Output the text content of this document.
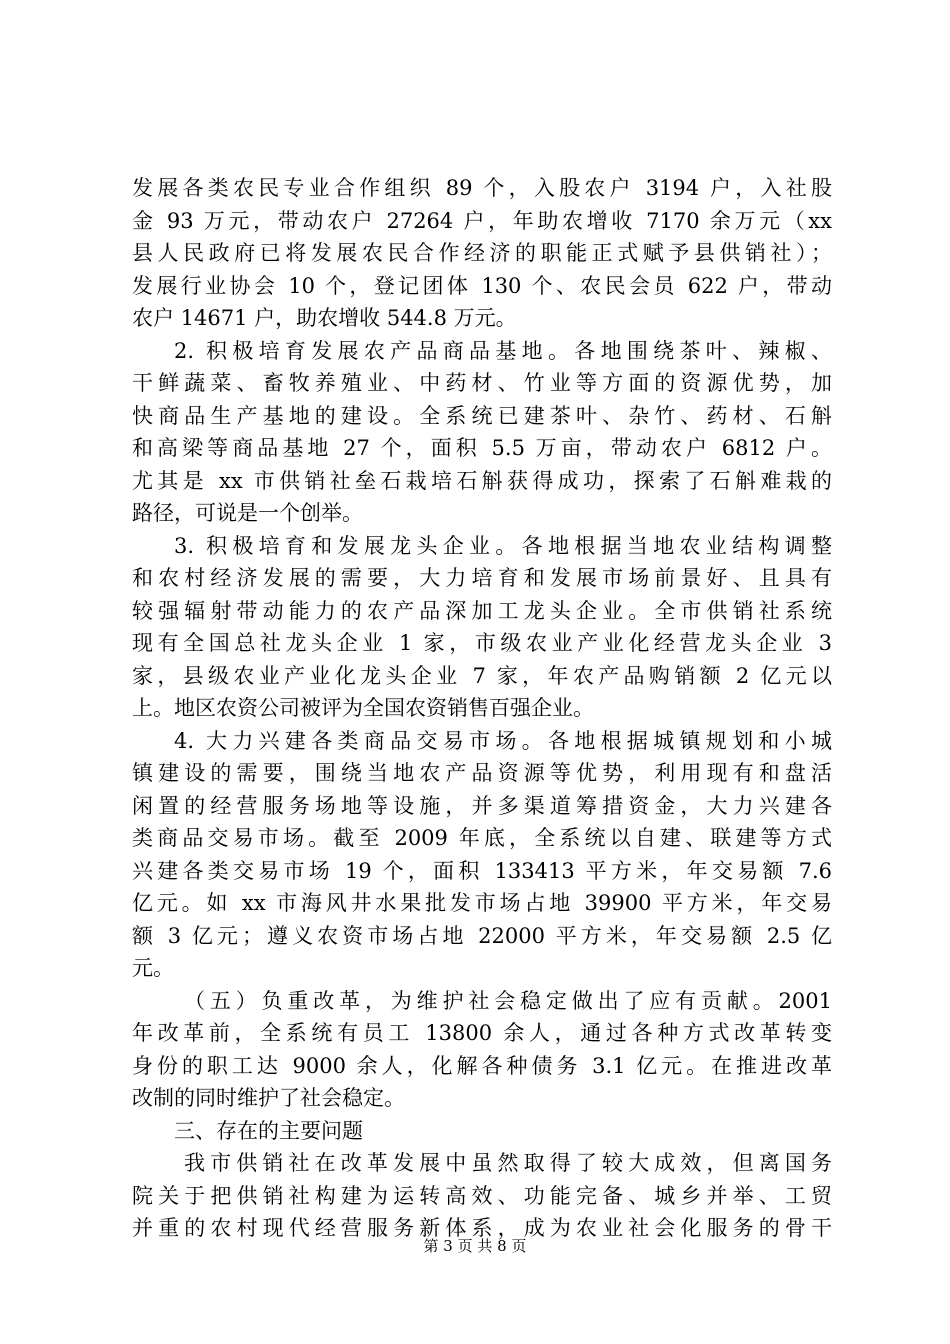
发展各类农民专业合作组织 89 个，入股农户 3194 户，入社股
金 93 万元，带动农户 27264 户，年助农增收 7170 余万元（xx
县人民政府已将发展农民合作经济的职能正式赋予县供销社）；
发展行业协会 10 个，登记团体 130 个、农民会员 622 户，带动
农户 14671 户，助农增收 544.8 万元。
2. 积极培育发展农产品商品基地。各地围绕茶叶、辣椒、
干鲜蔬菜、畜牧养殖业、中药材、竹业等方面的资源优势，加
快商品生产基地的建设。全系统已建茶叶、杂竹、药材、石斛
和高梁等商品基地 27 个，面积 5.5 万亩，带动农户 6812 户。
尤其是 xx 市供销社垒石栽培石斛获得成功，探索了石斛难栽的
路径，可说是一个创举。
3. 积极培育和发展龙头企业。各地根据当地农业结构调整
和农村经济发展的需要，大力培育和发展市场前景好、且具有
较强辐射带动能力的农产品深加工龙头企业。全市供销社系统
现有全国总社龙头企业 1 家，市级农业产业化经营龙头企业 3
家，县级农业产业化龙头企业 7 家，年农产品购销额 2 亿元以
上。地区农资公司被评为全国农资销售百强企业。
4. 大力兴建各类商品交易市场。各地根据城镇规划和小城
镇建设的需要，围绕当地农产品资源等优势，利用现有和盘活
闲置的经营服务场地等设施，并多渠道筹措资金，大力兴建各
类商品交易市场。截至 2009 年底，全系统以自建、联建等方式
兴建各类交易市场 19 个，面积 133413 平方米，年交易额 7.6
亿元。如 xx 市海风井水果批发市场占地 39900 平方米，年交易
额 3 亿元；遵义农资市场占地 22000 平方米，年交易额 2.5 亿
元。
（五）负重改革，为维护社会稳定做出了应有贡献。2001
年改革前，全系统有员工 13800 余人，通过各种方式改革转变
身份的职工达 9000 余人，化解各种债务 3.1 亿元。在推进改革
改制的同时维护了社会稳定。
三、存在的主要问题
我市供销社在改革发展中虽然取得了较大成效，但离国务
院关于把供销社构建为运转高效、功能完备、城乡并举、工贸
并重的农村现代经营服务新体系，成为农业社会化服务的骨干
第 3 页 共 8 页
